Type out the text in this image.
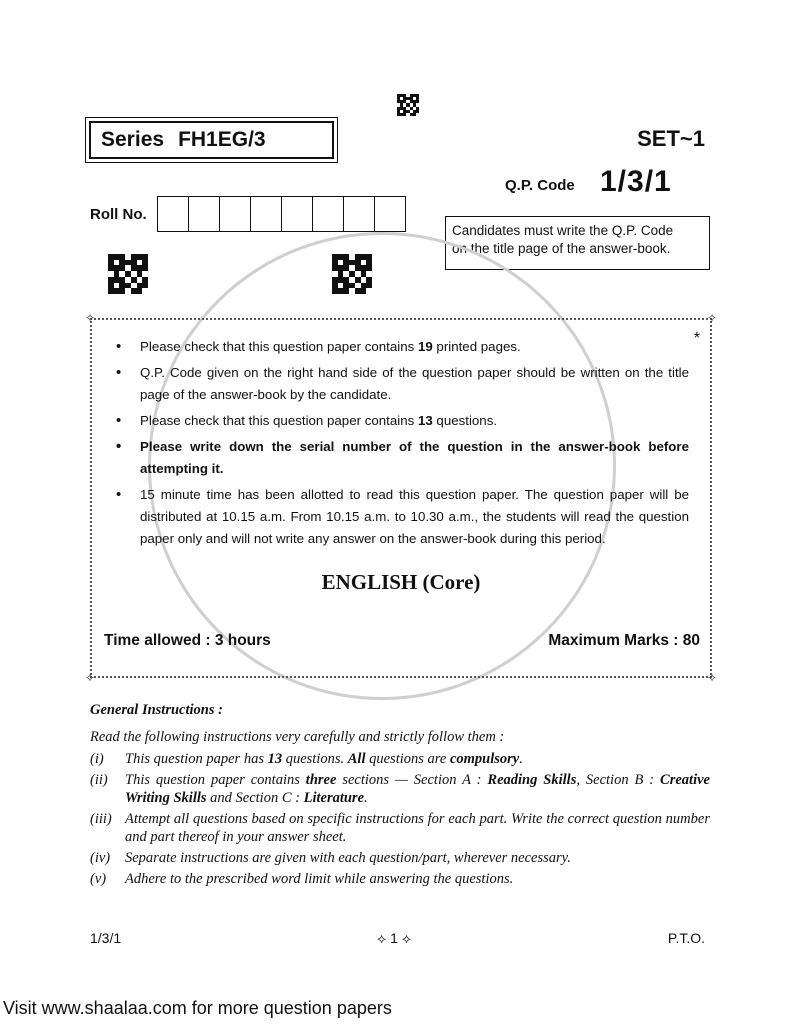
Series FH1EG/3	SET~1
Q.P. Code 1/3/1
Roll No.
Candidates must write the Q.P. Code
on the title page of the answer-book.
✧	✧
✧	✧
*
• Please check that this question paper contains 19 printed pages.
• Q.P. Code given on the right hand side of the question paper should be written on the title page of the answer-book by the candidate.
• Please check that this question paper contains 13 questions.
• Please write down the serial number of the question in the answer-book before attempting it.
• 15 minute time has been allotted to read this question paper. The question paper will be distributed at 10.15 a.m. From 10.15 a.m. to 10.30 a.m., the students will read the question paper only and will not write any answer on the answer-book during this period.
ENGLISH (Core)
Time allowed : 3 hours	Maximum Marks : 80
General Instructions :
Read the following instructions very carefully and strictly follow them :
(i) This question paper has 13 questions. All questions are compulsory.
(ii) This question paper contains three sections — Section A : Reading Skills, Section B : Creative Writing Skills and Section C : Literature.
(iii) Attempt all questions based on specific instructions for each part. Write the correct question number and part thereof in your answer sheet.
(iv) Separate instructions are given with each question/part, wherever necessary.
(v) Adhere to the prescribed word limit while answering the questions.
1/3/1	⟡ 1 ⟡	P.T.O.
Visit www.shaalaa.com for more question papers
